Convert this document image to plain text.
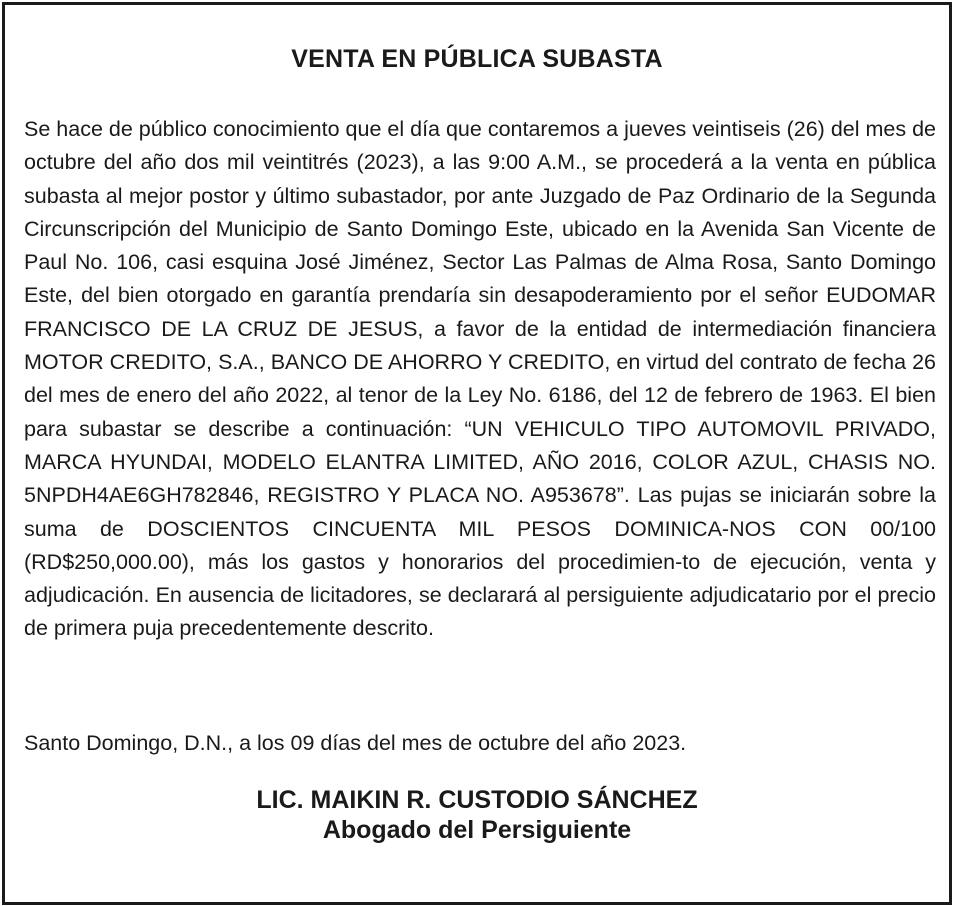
VENTA EN PÚBLICA SUBASTA

Se hace de público conocimiento que el día que contaremos a jueves veintiseis (26) del mes de octubre del año dos mil veintitrés (2023), a las 9:00 A.M., se procederá a la venta en pública subasta al mejor postor y último subastador, por ante Juzgado de Paz Ordinario de la Segunda Circunscripción del Municipio de Santo Domingo Este, ubicado en la Avenida San Vicente de Paul No. 106, casi esquina José Jiménez, Sector Las Palmas de Alma Rosa, Santo Domingo Este, del bien otorgado en garantía prendaría sin desapoderamiento por el señor EUDOMAR FRANCISCO DE LA CRUZ DE JESUS, a favor de la entidad de intermediación financiera MOTOR CREDITO, S.A., BANCO DE AHORRO Y CREDITO, en virtud del contrato de fecha 26 del mes de enero del año 2022, al tenor de la Ley No. 6186, del 12 de febrero de 1963. El bien para subastar se describe a continuación: “UN VEHICULO TIPO AUTOMOVIL PRIVADO, MARCA HYUNDAI, MODELO ELANTRA LIMITED, AÑO 2016, COLOR AZUL, CHASIS NO. 5NPDH4AE6GH782846, REGISTRO Y PLACA NO. A953678”. Las pujas se iniciarán sobre la suma de DOSCIENTOS CINCUENTA MIL PESOS DOMINICA-NOS CON 00/100 (RD$250,000.00), más los gastos y honorarios del procedimien-to de ejecución, venta y adjudicación. En ausencia de licitadores, se declarará al persiguiente adjudicatario por el precio de primera puja precedentemente descrito.

Santo Domingo, D.N., a los 09 días del mes de octubre del año 2023.

LIC. MAIKIN R. CUSTODIO SÁNCHEZ
Abogado del Persiguiente
